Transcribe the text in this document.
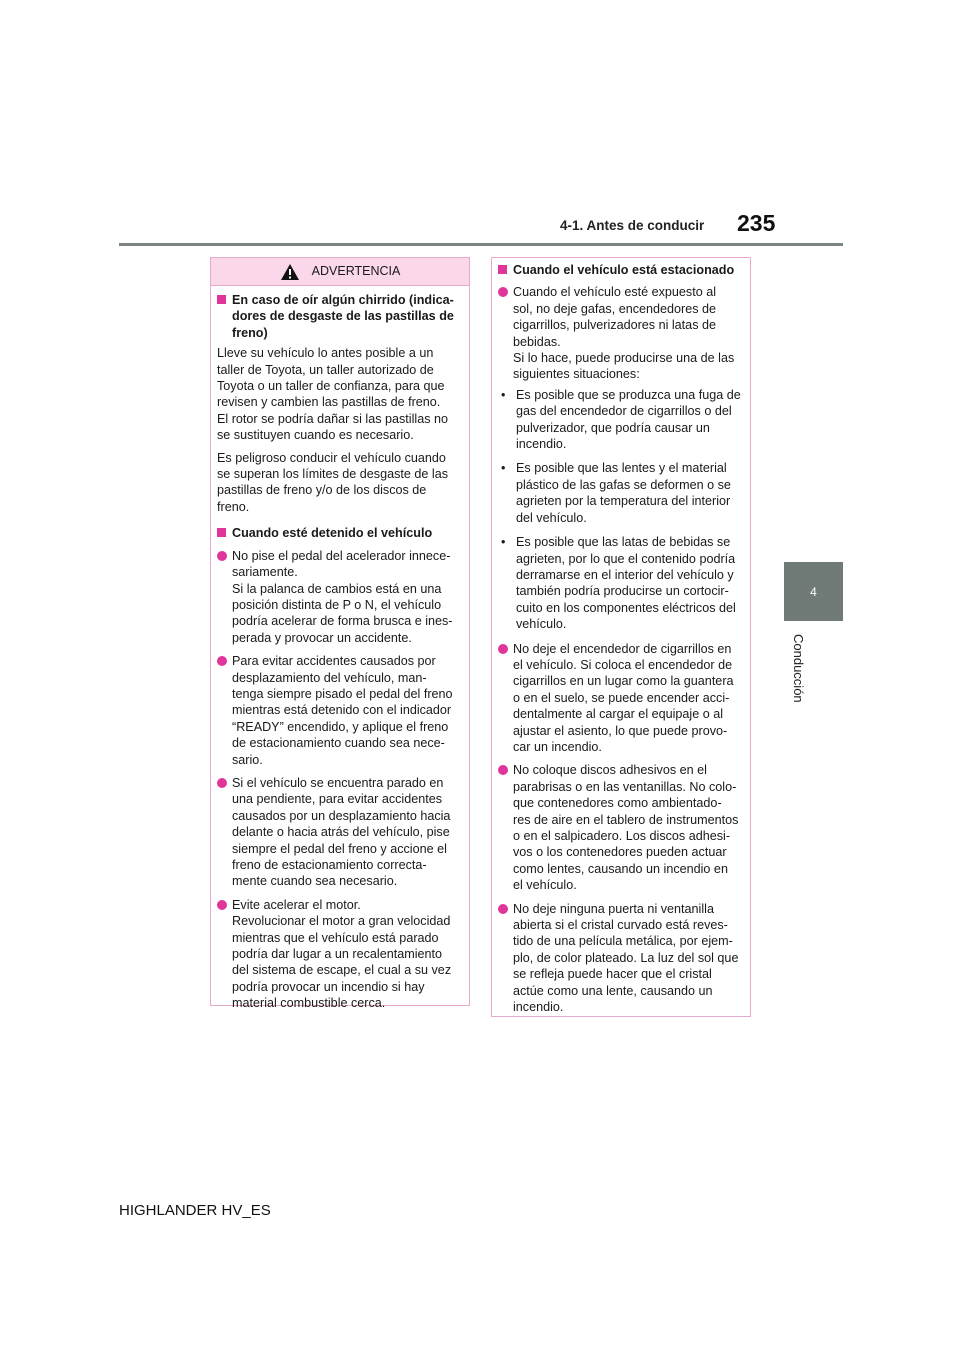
4-1. Antes de conducir 235
4
Conducción
ADVERTENCIA
En caso de oír algún chirrido (indica-
dores de desgaste de las pastillas de
freno)
Lleve su vehículo lo antes posible a un
taller de Toyota, un taller autorizado de
Toyota o un taller de confianza, para que
revisen y cambien las pastillas de freno.
El rotor se podría dañar si las pastillas no
se sustituyen cuando es necesario.
Es peligroso conducir el vehículo cuando
se superan los límites de desgaste de las
pastillas de freno y/o de los discos de
freno.
Cuando esté detenido el vehículo
No pise el pedal del acelerador innece-
sariamente.
Si la palanca de cambios está en una
posición distinta de P o N, el vehículo
podría acelerar de forma brusca e ines-
perada y provocar un accidente.
Para evitar accidentes causados por
desplazamiento del vehículo, man-
tenga siempre pisado el pedal del freno
mientras está detenido con el indicador
“READY” encendido, y aplique el freno
de estacionamiento cuando sea nece-
sario.
Si el vehículo se encuentra parado en
una pendiente, para evitar accidentes
causados por un desplazamiento hacia
delante o hacia atrás del vehículo, pise
siempre el pedal del freno y accione el
freno de estacionamiento correcta-
mente cuando sea necesario.
Evite acelerar el motor.
Revolucionar el motor a gran velocidad
mientras que el vehículo está parado
podría dar lugar a un recalentamiento
del sistema de escape, el cual a su vez
podría provocar un incendio si hay
material combustible cerca.
Cuando el vehículo está estacionado
Cuando el vehículo esté expuesto al
sol, no deje gafas, encendedores de
cigarrillos, pulverizadores ni latas de
bebidas.
Si lo hace, puede producirse una de las
siguientes situaciones:
• Es posible que se produzca una fuga de
gas del encendedor de cigarrillos o del
pulverizador, que podría causar un
incendio.
• Es posible que las lentes y el material
plástico de las gafas se deformen o se
agrieten por la temperatura del interior
del vehículo.
• Es posible que las latas de bebidas se
agrieten, por lo que el contenido podría
derramarse en el interior del vehículo y
también podría producirse un cortocir-
cuito en los componentes eléctricos del
vehículo.
No deje el encendedor de cigarrillos en
el vehículo. Si coloca el encendedor de
cigarrillos en un lugar como la guantera
o en el suelo, se puede encender acci-
dentalmente al cargar el equipaje o al
ajustar el asiento, lo que puede provo-
car un incendio.
No coloque discos adhesivos en el
parabrisas o en las ventanillas. No colo-
que contenedores como ambientado-
res de aire en el tablero de instrumentos
o en el salpicadero. Los discos adhesi-
vos o los contenedores pueden actuar
como lentes, causando un incendio en
el vehículo.
No deje ninguna puerta ni ventanilla
abierta si el cristal curvado está reves-
tido de una película metálica, por ejem-
plo, de color plateado. La luz del sol que
se refleja puede hacer que el cristal
actúe como una lente, causando un
incendio.
HIGHLANDER HV_ES
